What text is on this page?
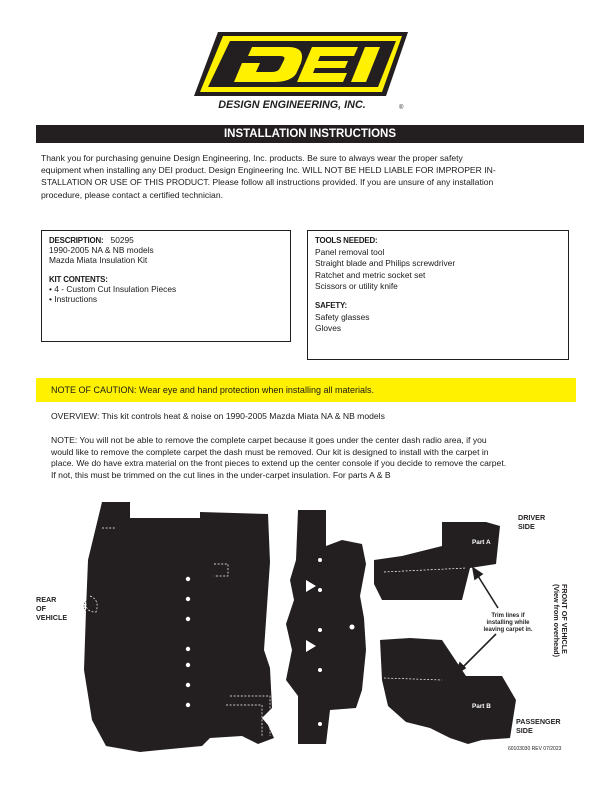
DESIGN ENGINEERING, INC.	®
INSTALLATION INSTRUCTIONS
Thank you for purchasing genuine Design Engineering, Inc. products. Be sure to always wear the proper safety
equipment when installing any DEI product. Design Engineering Inc. WILL NOT BE HELD LIABLE FOR IMPROPER IN-
STALLATION OR USE OF THIS PRODUCT. Please follow all instructions provided. If you are unsure of any installation
procedure, please contact a certified technician.
DESCRIPTION: 50295
1990-2005 NA & NB models
Mazda Miata Insulation Kit
KIT CONTENTS:
• 4 - Custom Cut Insulation Pieces
• Instructions
TOOLS NEEDED:
Panel removal tool
Straight blade and Philips screwdriver
Ratchet and metric socket set
Scissors or utility knife
SAFETY:
Safety glasses
Gloves
NOTE OF CAUTION: Wear eye and hand protection when installing all materials.
OVERVIEW: This kit controls heat & noise on 1990-2005 Mazda Miata NA & NB models
NOTE: You will not be able to remove the complete carpet because it goes under the center dash radio area, if you
would like to remove the complete carpet the dash must be removed. Our kit is designed to install with the carpet in
place. We do have extra material on the front pieces to extend up the center console if you decide to remove the carpet.
If not, this must be trimmed on the cut lines in the under-carpet insulation. For parts A & B
Part A
Part B
Trim lines if
installing while
leaving carpet in.
REAR
OF
VEHICLE
DRIVER
SIDE
PASSENGER
SIDE
FRONT OF VEHICLE
(View from overhead)
60103030 REV 07/2023
